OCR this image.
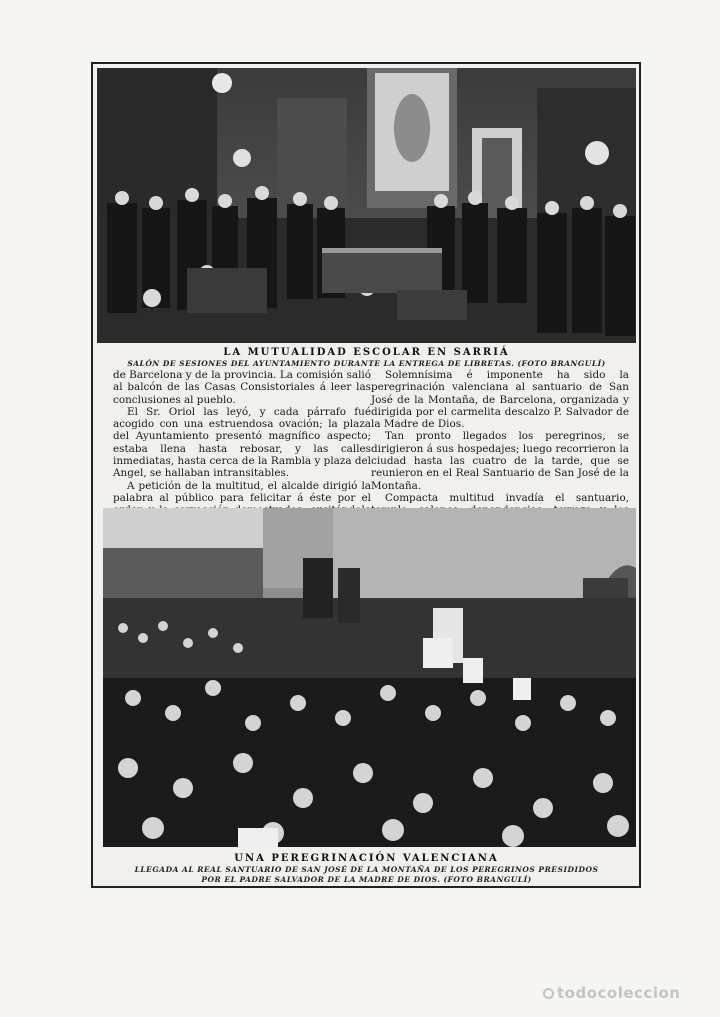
LA MUTUALIDAD ESCOLAR EN SARRIÁ
SALÓN DE SESIONES DEL AYUNTAMIENTO DURANTE LA ENTREGA DE LIBRETAS. (FOTO BRANGULÍ)

de Barcelona y de la provincia. La comisión salió al balcón de las Casas Consistoriales á leer las conclusiones al pueblo.

El Sr. Oriol las leyó, y cada párrafo fué acogido con una estruendosa ovación; la plaza del Ayuntamiento presentó magnífico aspecto; estaba llena hasta rebosar, y las calles inmediatas, hasta cerca de la Rambla y plaza del Angel, se hallaban intransitables.

A petición de la multitud, el alcalde dirigió la palabra al público para felicitar á éste por el

Solemnísima é imponente ha sido la peregrinación valenciana al santuario de San José de la Montaña, de Barcelona, organizada y dirigida por el carmelita descalzo P. Salvador de la Madre de Dios.

Tan pronto llegados los peregrinos, se dirigieron á sus hospedajes; luego recorrieron la ciudad hasta las cuatro de la tarde, que se reunieron en el Real Santuario de San José de la Montaña.

Compacta multitud invadía el santuario,

UNA PEREGRINACIÓN VALENCIANA
LLEGADA AL REAL SANTUARIO DE SAN JOSÉ DE LA MONTAÑA DE LOS PEREGRINOS PRESIDIDOS POR EL PADRE SALVADOR DE LA MADRE DE DIOS. (FOTO BRANGULÍ)
todocoleccion
